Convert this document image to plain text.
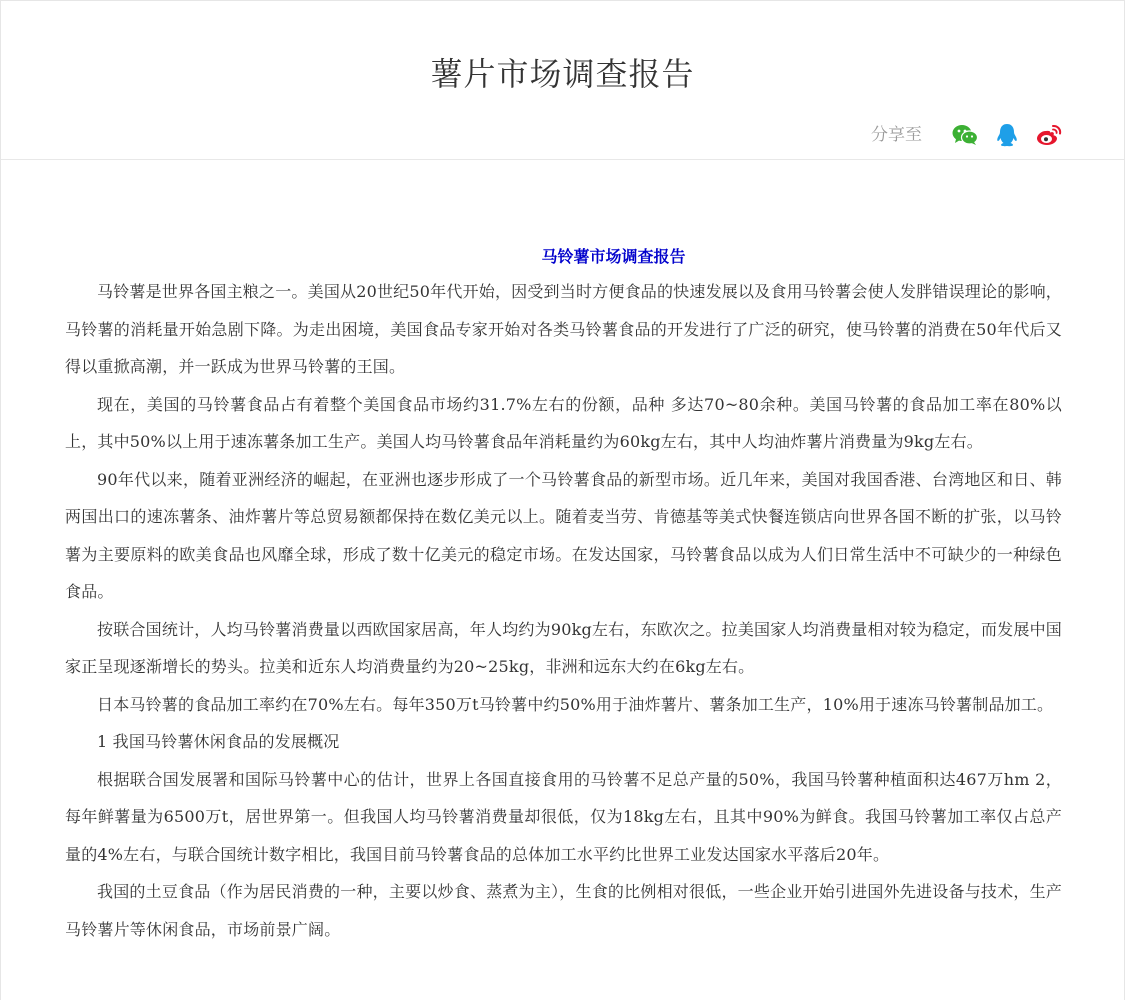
薯片市场调查报告
分享至
马铃薯市场调查报告

马铃薯是世界各国主粮之一。美国从20世纪50年代开始，因受到当时方便食品的快速发展以及食用马铃薯会使人发胖错误理论的影响，马铃薯的消耗量开始急剧下降。为走出困境，美国食品专家开始对各类马铃薯食品的开发进行了广泛的研究，使马铃薯的消费在50年代后又得以重掀高潮，并一跃成为世界马铃薯的王国。

现在，美国的马铃薯食品占有着整个美国食品市场约31.7%左右的份额，品种 多达70~80余种。美国马铃薯的食品加工率在80%以上，其中50%以上用于速冻薯条加工生产。美国人均马铃薯食品年消耗量约为60kg左右，其中人均油炸薯片消费量为9kg左右。

90年代以来，随着亚洲经济的崛起，在亚洲也逐步形成了一个马铃薯食品的新型市场。近几年来，美国对我国香港、台湾地区和日、韩两国出口的速冻薯条、油炸薯片等总贸易额都保持在数亿美元以上。随着麦当劳、肯德基等美式快餐连锁店向世界各国不断的扩张，以马铃薯为主要原料的欧美食品也风靡全球，形成了数十亿美元的稳定市场。在发达国家，马铃薯食品以成为人们日常生活中不可缺少的一种绿色食品。

按联合国统计，人均马铃薯消费量以西欧国家居高，年人均约为90kg左右，东欧次之。拉美国家人均消费量相对较为稳定，而发展中国家正呈现逐渐增长的势头。拉美和近东人均消费量约为20~25kg，非洲和远东大约在6kg左右。

日本马铃薯的食品加工率约在70%左右。每年350万t马铃薯中约50%用于油炸薯片、薯条加工生产，10%用于速冻马铃薯制品加工。

1 我国马铃薯休闲食品的发展概况

根据联合国发展署和国际马铃薯中心的估计，世界上各国直接食用的马铃薯不足总产量的50%，我国马铃薯种植面积达467万hm 2，每年鲜薯量为6500万t，居世界第一。但我国人均马铃薯消费量却很低，仅为18kg左右，且其中90%为鲜食。我国马铃薯加工率仅占总产量的4%左右，与联合国统计数字相比，我国目前马铃薯食品的总体加工水平约比世界工业发达国家水平落后20年。

我国的土豆食品（作为居民消费的一种，主要以炒食、蒸煮为主），生食的比例相对很低，一些企业开始引进国外先进设备与技术，生产马铃薯片等休闲食品，市场前景广阔。
